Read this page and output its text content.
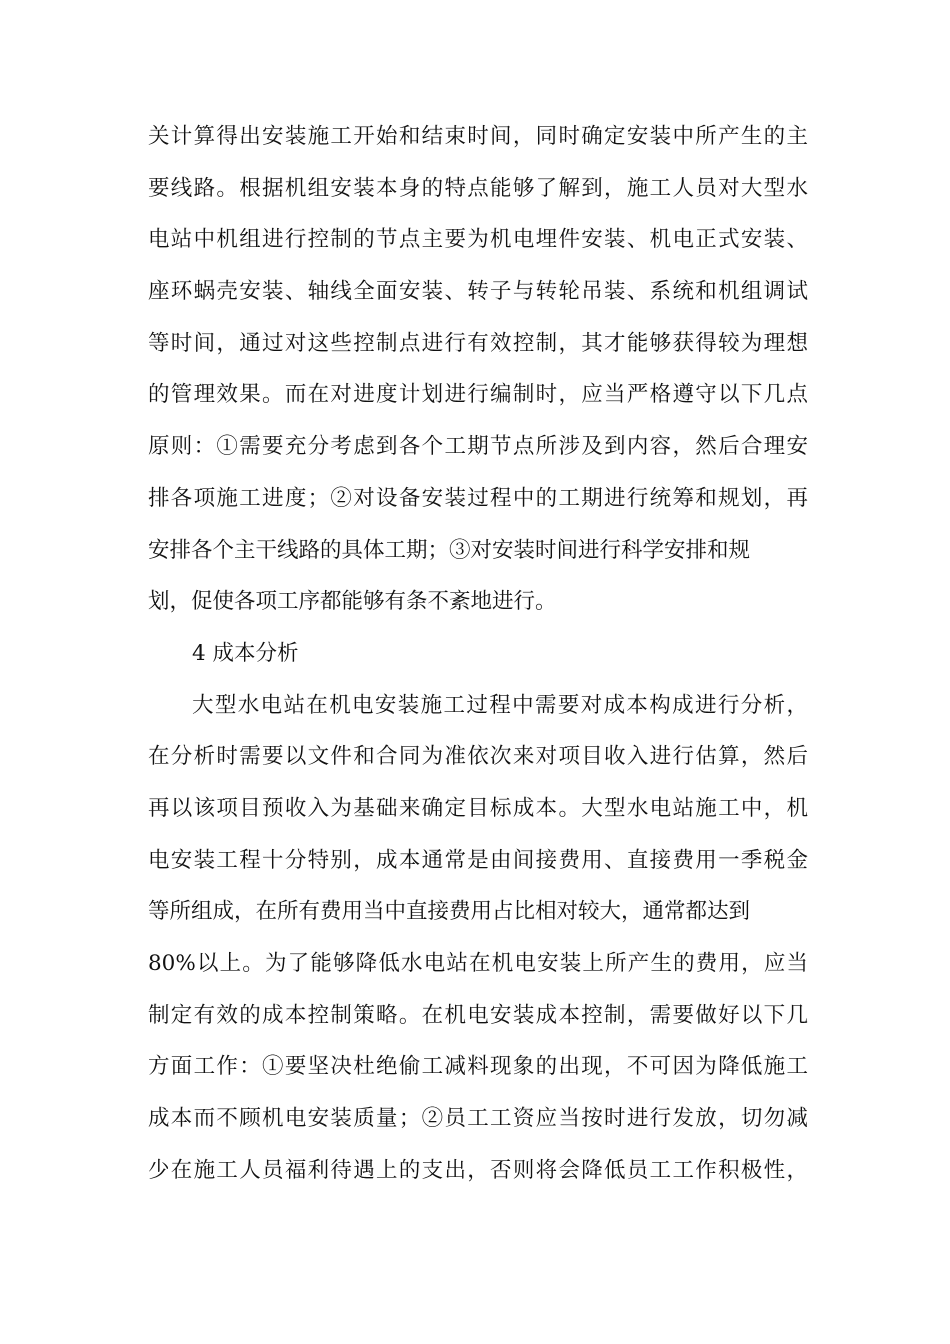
关计算得出安装施工开始和结束时间，同时确定安装中所产生的主
要线路。根据机组安装本身的特点能够了解到，施工人员对大型水
电站中机组进行控制的节点主要为机电埋件安装、机电正式安装、
座环蜗壳安装、轴线全面安装、转子与转轮吊装、系统和机组调试
等时间，通过对这些控制点进行有效控制，其才能够获得较为理想
的管理效果。而在对进度计划进行编制时，应当严格遵守以下几点
原则：①需要充分考虑到各个工期节点所涉及到内容，然后合理安
排各项施工进度；②对设备安装过程中的工期进行统筹和规划，再
安排各个主干线路的具体工期；③对安装时间进行科学安排和规
划，促使各项工序都能够有条不紊地进行。
4 成本分析
大型水电站在机电安装施工过程中需要对成本构成进行分析，
在分析时需要以文件和合同为准依次来对项目收入进行估算，然后
再以该项目预收入为基础来确定目标成本。大型水电站施工中，机
电安装工程十分特别，成本通常是由间接费用、直接费用一季税金
等所组成，在所有费用当中直接费用占比相对较大，通常都达到
80%以上。为了能够降低水电站在机电安装上所产生的费用，应当
制定有效的成本控制策略。在机电安装成本控制，需要做好以下几
方面工作：①要坚决杜绝偷工减料现象的出现，不可因为降低施工
成本而不顾机电安装质量；②员工工资应当按时进行发放，切勿减
少在施工人员福利待遇上的支出，否则将会降低员工工作积极性，
